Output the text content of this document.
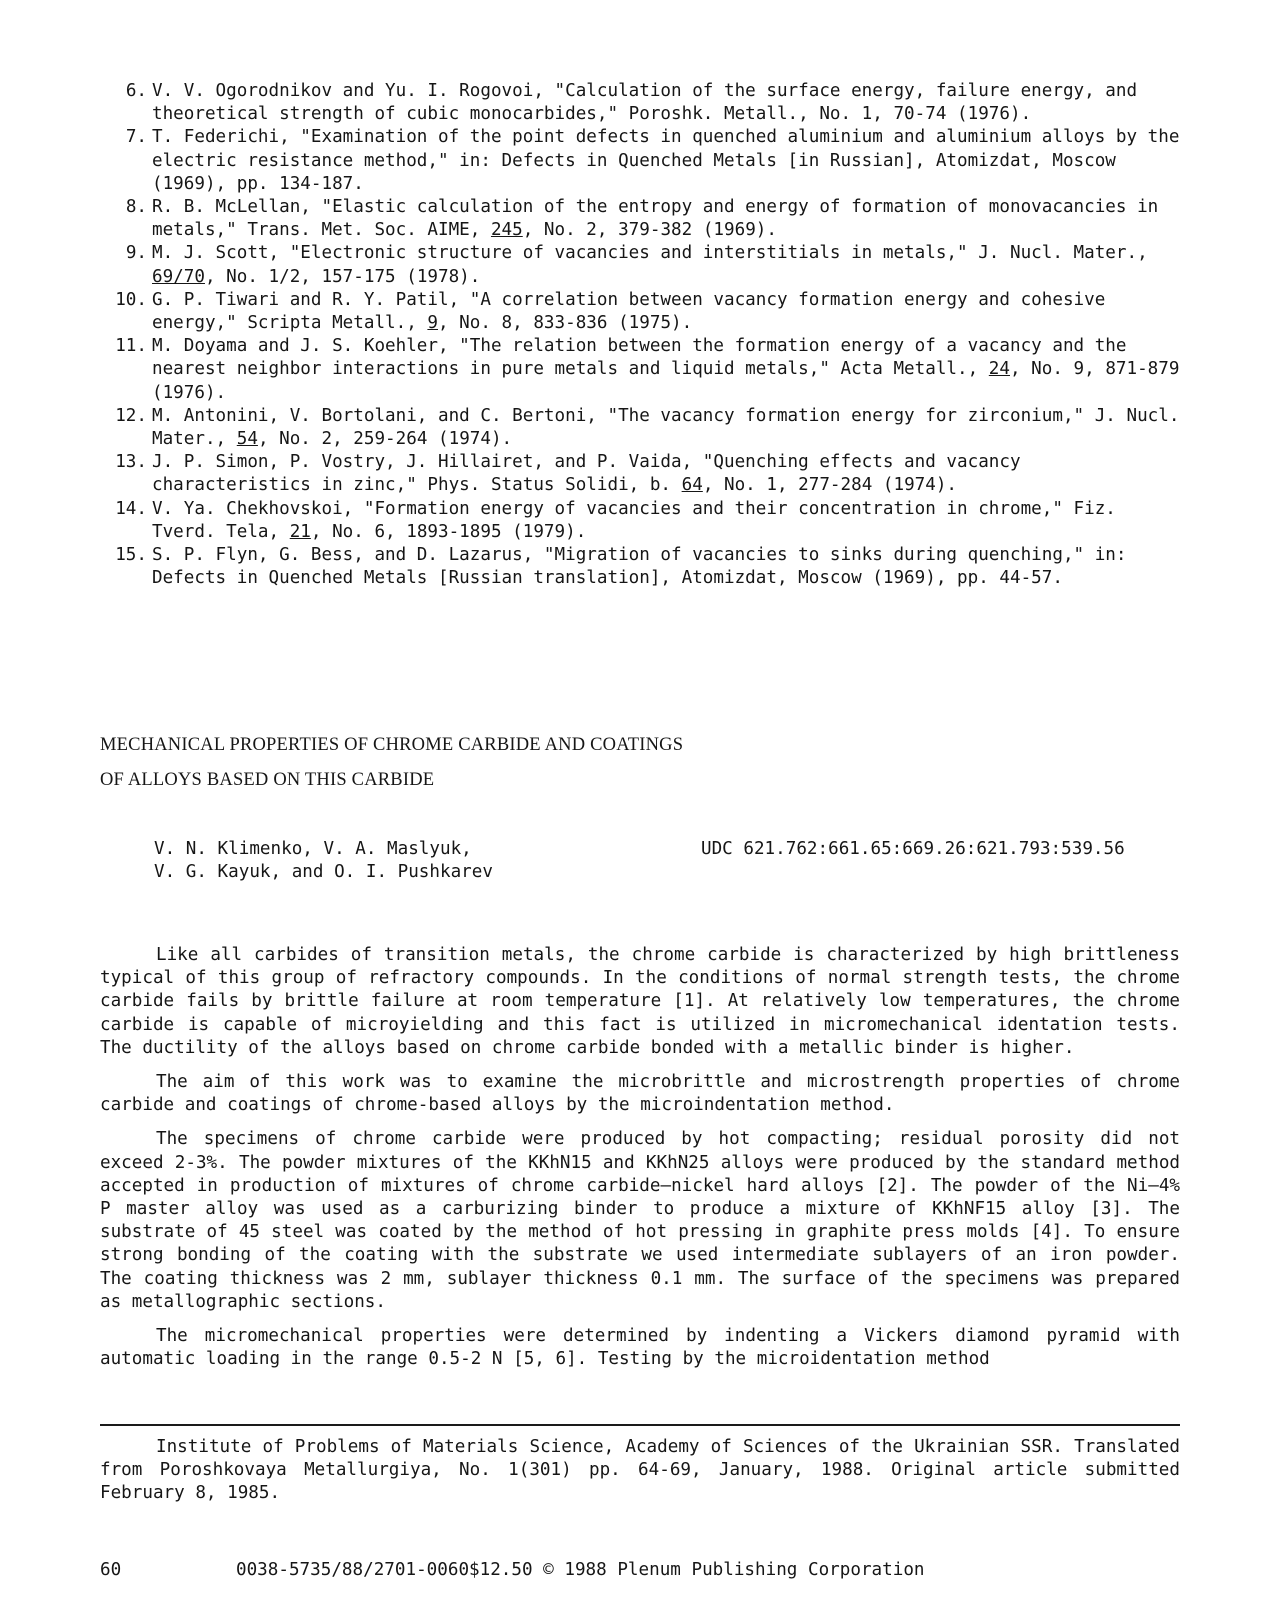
6. V. V. Ogorodnikov and Yu. I. Rogovoi, "Calculation of the surface energy, failure energy, and theoretical strength of cubic monocarbides," Poroshk. Metall., No. 1, 70-74 (1976).
7. T. Federichi, "Examination of the point defects in quenched aluminium and aluminium alloys by the electric resistance method," in: Defects in Quenched Metals [in Russian], Atomizdat, Moscow (1969), pp. 134-187.
8. R. B. McLellan, "Elastic calculation of the entropy and energy of formation of monovacancies in metals," Trans. Met. Soc. AIME, 245, No. 2, 379-382 (1969).
9. M. J. Scott, "Electronic structure of vacancies and interstitials in metals," J. Nucl. Mater., 69/70, No. 1/2, 157-175 (1978).
10. G. P. Tiwari and R. Y. Patil, "A correlation between vacancy formation energy and cohesive energy," Scripta Metall., 9, No. 8, 833-836 (1975).
11. M. Doyama and J. S. Koehler, "The relation between the formation energy of a vacancy and the nearest neighbor interactions in pure metals and liquid metals," Acta Metall., 24, No. 9, 871-879 (1976).
12. M. Antonini, V. Bortolani, and C. Bertoni, "The vacancy formation energy for zirconium," J. Nucl. Mater., 54, No. 2, 259-264 (1974).
13. J. P. Simon, P. Vostry, J. Hillairet, and P. Vaida, "Quenching effects and vacancy characteristics in zinc," Phys. Status Solidi, b. 64, No. 1, 277-284 (1974).
14. V. Ya. Chekhovskoi, "Formation energy of vacancies and their concentration in chrome," Fiz. Tverd. Tela, 21, No. 6, 1893-1895 (1979).
15. S. P. Flyn, G. Bess, and D. Lazarus, "Migration of vacancies to sinks during quenching," in: Defects in Quenched Metals [Russian translation], Atomizdat, Moscow (1969), pp. 44-57.
MECHANICAL PROPERTIES OF CHROME CARBIDE AND COATINGS
OF ALLOYS BASED ON THIS CARBIDE
V. N. Klimenko, V. A. Maslyuk,
V. G. Kayuk, and O. I. Pushkarev
UDC 621.762:661.65:669.26:621.793:539.56

Like all carbides of transition metals, the chrome carbide is characterized by high brittleness typical of this group of refractory compounds. In the conditions of normal strength tests, the chrome carbide fails by brittle failure at room temperature [1]. At relatively low temperatures, the chrome carbide is capable of microyielding and this fact is utilized in micromechanical identation tests. The ductility of the alloys based on chrome carbide bonded with a metallic binder is higher.

The aim of this work was to examine the microbrittle and microstrength properties of chrome carbide and coatings of chrome-based alloys by the microindentation method.

The specimens of chrome carbide were produced by hot compacting; residual porosity did not exceed 2-3%. The powder mixtures of the KKhN15 and KKhN25 alloys were produced by the standard method accepted in production of mixtures of chrome carbide—nickel hard alloys [2]. The powder of the Ni—4% P master alloy was used as a carburizing binder to produce a mixture of KKhNF15 alloy [3]. The substrate of 45 steel was coated by the method of hot pressing in graphite press molds [4]. To ensure strong bonding of the coating with the substrate we used intermediate sublayers of an iron powder. The coating thickness was 2 mm, sublayer thickness 0.1 mm. The surface of the specimens was prepared as metallographic sections.

The micromechanical properties were determined by indenting a Vickers diamond pyramid with automatic loading in the range 0.5-2 N [5, 6]. Testing by the microidentation method

Institute of Problems of Materials Science, Academy of Sciences of the Ukrainian SSR. Translated from Poroshkovaya Metallurgiya, No. 1(301) pp. 64-69, January, 1988. Original article submitted February 8, 1985.

60	0038-5735/88/2701-0060$12.50 © 1988 Plenum Publishing Corporation
